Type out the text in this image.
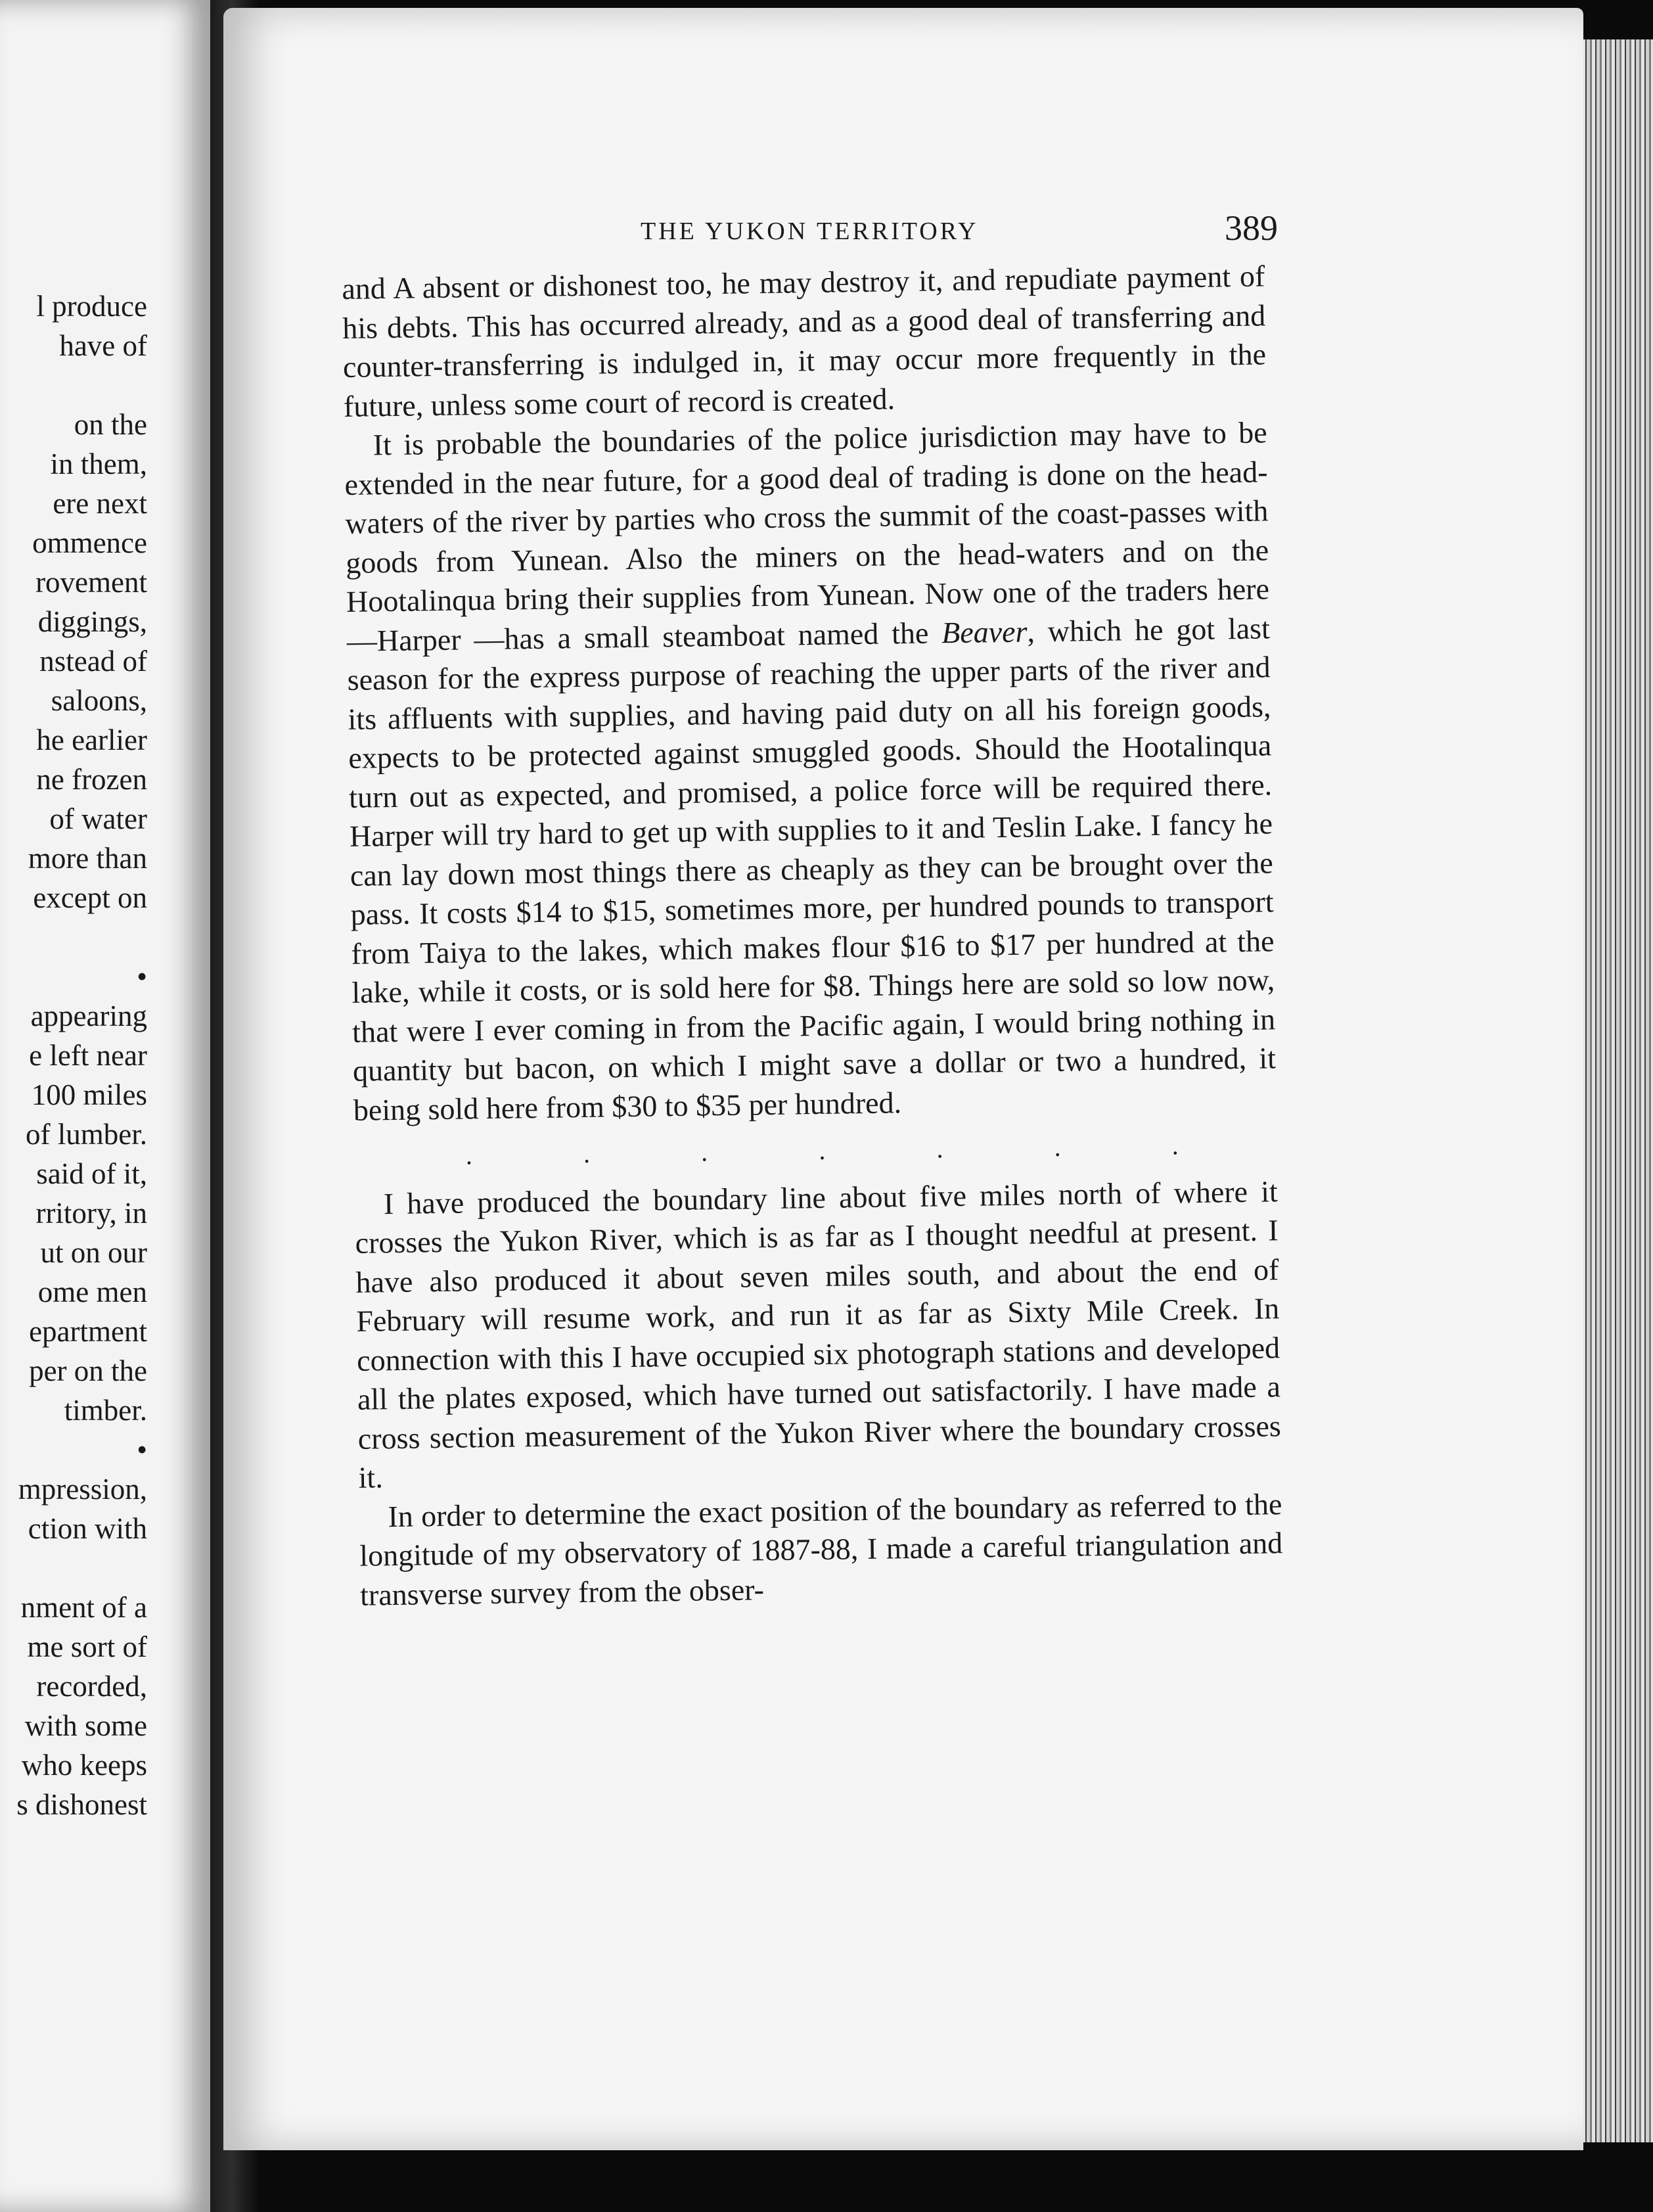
l produce
have of
on the
in them,
ere next
ommence
rovement
diggings,
nstead of
saloons,
he earlier
ne frozen
of water
more than
except on
•
appearing
e left near
100 miles
of lumber.
said of it,
rritory, in
ut on our
ome men
epartment
per on the
timber.
•
mpression,
ction with
nment of a
me sort of
recorded,
with some
who keeps
s dishonest
THE YUKON TERRITORY	389

and A absent or dishonest too, he may destroy it, and repudiate payment of his debts. This has occurred already, and as a good deal of transferring and counter-transferring is indulged in, it may occur more frequently in the future, unless some court of record is created.

It is probable the boundaries of the police jurisdiction may have to be extended in the near future, for a good deal of trading is done on the head-waters of the river by parties who cross the summit of the coast-passes with goods from Yunean. Also the miners on the head-waters and on the Hootalinqua bring their supplies from Yunean. Now one of the traders here—Harper —has a small steamboat named the Beaver, which he got last season for the express purpose of reaching the upper parts of the river and its affluents with supplies, and having paid duty on all his foreign goods, expects to be protected against smuggled goods. Should the Hootalinqua turn out as expected, and promised, a police force will be required there. Harper will try hard to get up with supplies to it and Teslin Lake. I fancy he can lay down most things there as cheaply as they can be brought over the pass. It costs $14 to $15, sometimes more, per hundred pounds to transport from Taiya to the lakes, which makes flour $16 to $17 per hundred at the lake, while it costs, or is sold here for $8. Things here are sold so low now, that were I ever coming in from the Pacific again, I would bring nothing in quantity but bacon, on which I might save a dollar or two a hundred, it being sold here from $30 to $35 per hundred.

.	.	.	.	.	.	.

I have produced the boundary line about five miles north of where it crosses the Yukon River, which is as far as I thought needful at present. I have also produced it about seven miles south, and about the end of February will resume work, and run it as far as Sixty Mile Creek. In connection with this I have occupied six photograph stations and developed all the plates exposed, which have turned out satisfactorily. I have made a cross section measurement of the Yukon River where the boundary crosses it.

In order to determine the exact position of the boundary as referred to the longitude of my observatory of 1887-88, I made a careful triangulation and transverse survey from the obser-
